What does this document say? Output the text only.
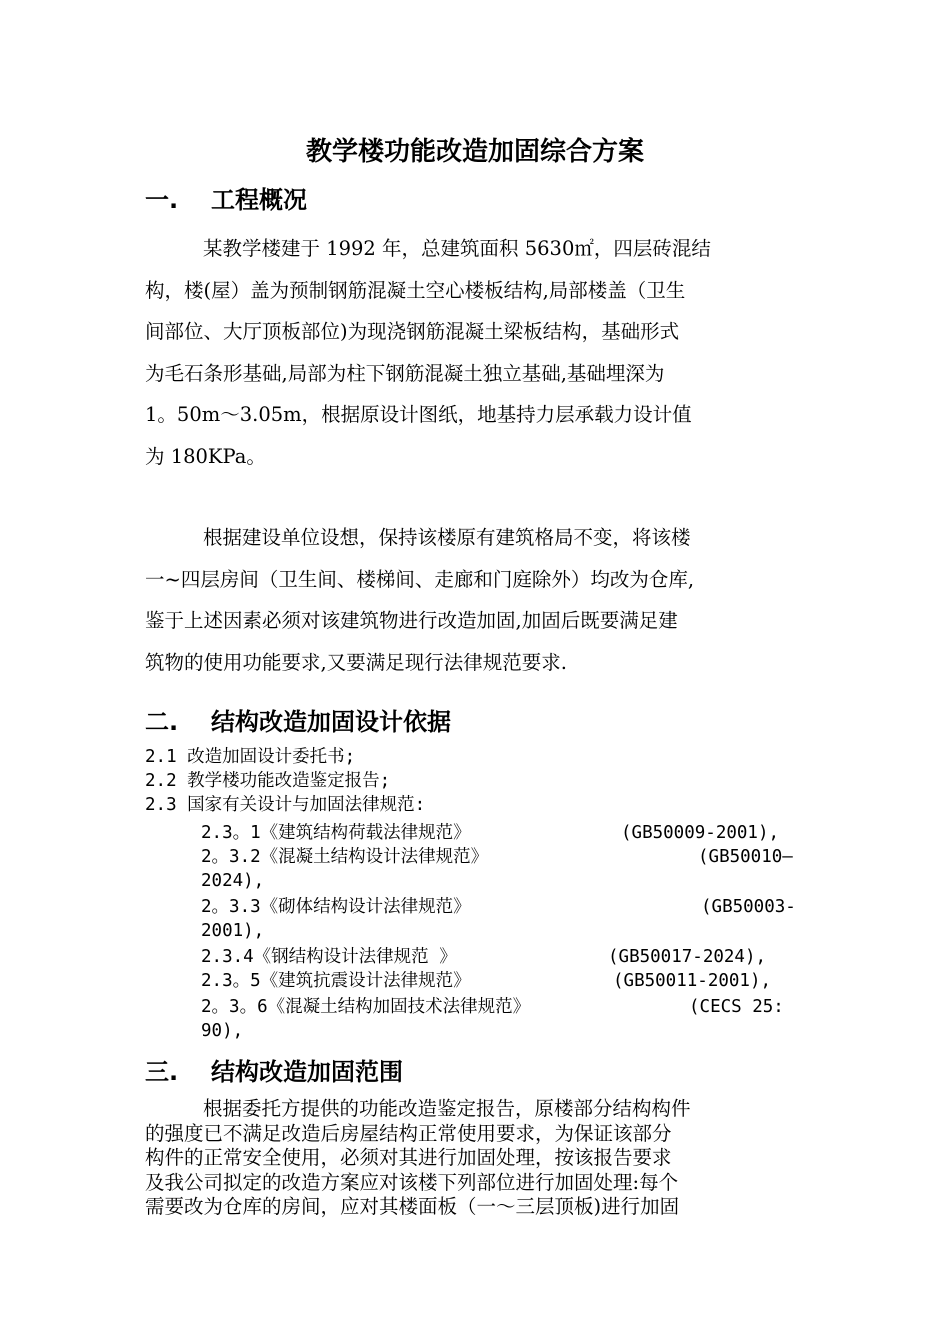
教学楼功能改造加固综合方案
一. 工程概况
某教学楼建于 1992 年，总建筑面积 5630㎡，四层砖混结
构，楼(屋）盖为预制钢筋混凝土空心楼板结构,局部楼盖（卫生
间部位、大厅顶板部位)为现浇钢筋混凝土梁板结构，基础形式
为毛石条形基础,局部为柱下钢筋混凝土独立基础,基础埋深为
1。50m～3.05m，根据原设计图纸，地基持力层承载力设计值
为 180KPa。
根据建设单位设想，保持该楼原有建筑格局不变，将该楼
一~四层房间（卫生间、楼梯间、走廊和门庭除外）均改为仓库,
鉴于上述因素必须对该建筑物进行改造加固,加固后既要满足建
筑物的使用功能要求,又要满足现行法律规范要求.
二. 结构改造加固设计依据
2.1 改造加固设计委托书;
2.2 教学楼功能改造鉴定报告;
2.3 国家有关设计与加固法律规范:
2.3。1《建筑结构荷载法律规范》	(GB50009-2001),
2。3.2《混凝土结构设计法律规范》	(GB50010—
2024),
2。3.3《砌体结构设计法律规范》	(GB50003-
2001),
2.3.4《钢结构设计法律规范 》	(GB50017-2024),
2.3。5《建筑抗震设计法律规范》	(GB50011-2001),
2。3。6《混凝土结构加固技术法律规范》	(CECS 25:
90),
三. 结构改造加固范围
根据委托方提供的功能改造鉴定报告，原楼部分结构构件
的强度已不满足改造后房屋结构正常使用要求，为保证该部分
构件的正常安全使用，必须对其进行加固处理，按该报告要求
及我公司拟定的改造方案应对该楼下列部位进行加固处理:每个
需要改为仓库的房间，应对其楼面板（一～三层顶板)进行加固
